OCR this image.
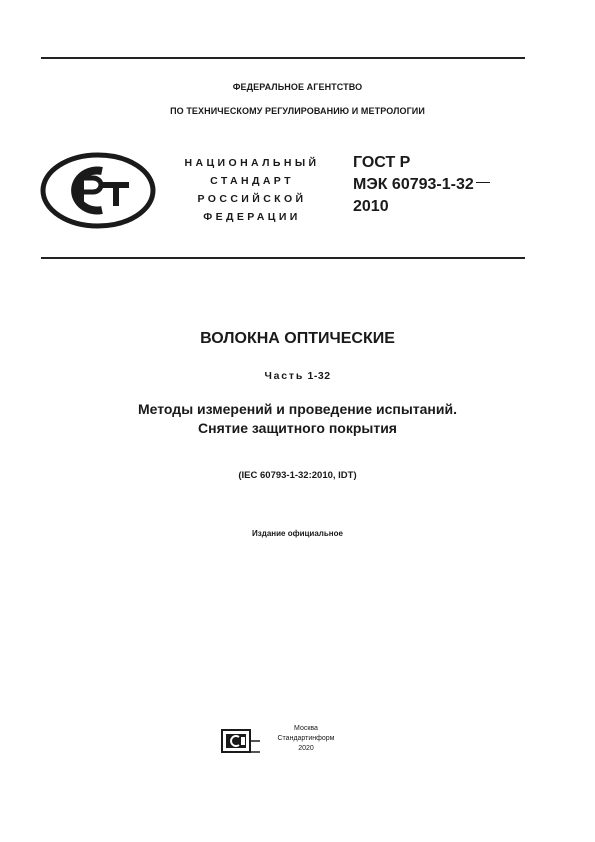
ФЕДЕРАЛЬНОЕ АГЕНТСТВО
ПО ТЕХНИЧЕСКОМУ РЕГУЛИРОВАНИЮ И МЕТРОЛОГИИ
НАЦИОНАЛЬНЫЙ
СТАНДАРТ
РОССИЙСКОЙ
ФЕДЕРАЦИИ
ГОСТ Р
МЭК 60793-1-32
2010
ВОЛОКНА ОПТИЧЕСКИЕ
Часть 1-32
Методы измерений и проведение испытаний.
Снятие защитного покрытия
(IEC 60793-1-32:2010, IDT)
Издание официальное
Москва
Стандартинформ
2020
